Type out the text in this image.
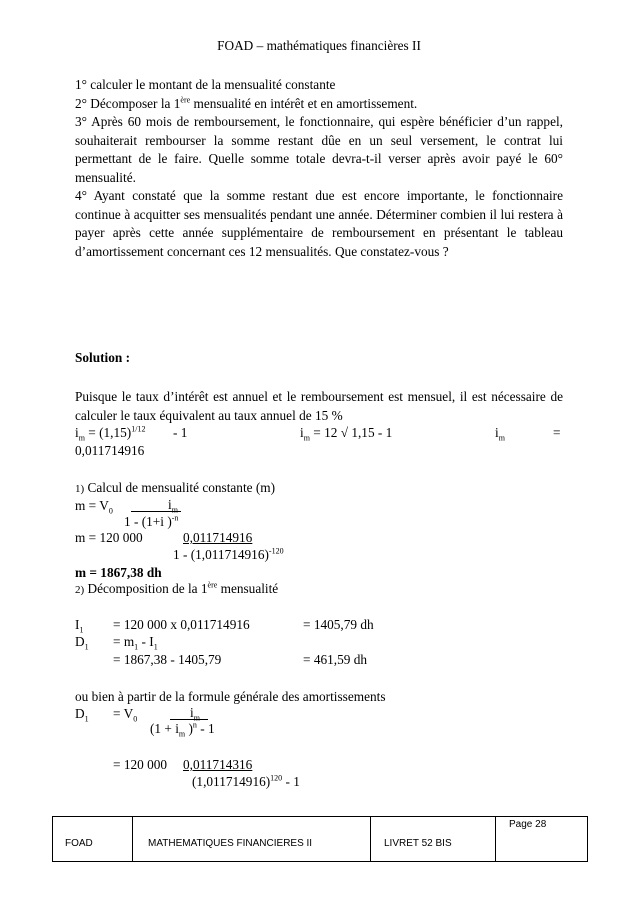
FOAD – mathématiques financières II
1° calculer le montant de la mensualité constante
2° Décomposer la 1ère mensualité en intérêt et en amortissement.
3° Après 60 mois de remboursement, le fonctionnaire, qui espère bénéficier d’un rappel, souhaiterait rembourser la somme restant dûe en un seul versement, le contrat lui permettant de le faire. Quelle somme totale devra-t-il verser après avoir payé le 60° mensualité.
4° Ayant constaté que la somme restant due est encore importante, le fonctionnaire continue à acquitter ses mensualités pendant une année. Déterminer combien il lui restera à payer après cette année supplémentaire de remboursement en présentant le tableau d’amortissement concernant ces 12 mensualités. Que constatez-vous ?
Solution :
Puisque le taux d’intérêt est annuel et le remboursement est mensuel, il est nécessaire de calculer le taux équivalent au taux annuel de 15 %
$i_m = (1,15)^{1/12} - 1$	$i_m = 12$ √ 1,15 - 1	$i_m$	=
0,011714916
1) Calcul de mensualité constante (m)
$m = V_0$	$i_m$
1 - (1+i )$^{-n}$
m = 120 000	0,011714916
$1 - (1,011714916)^{-120}$
m = 1867,38 dh
2) Décomposition de la 1ère mensualité
$I_1 = 120$ 000 x 0,011714916	= 1405,79 dh
$D_1 = m_1 - I_1$
= 1867,38 - 1405,79	= 461,59 dh
ou bien à partir de la formule générale des amortissements
$D_1 = V_0$	$i_m$
($1 + i_m$ )$^n$ - 1
= 120 000 0,011714316
$(1,011714916)^{120} - 1$
FOAD	MATHEMATIQUES FINANCIERES II	LIVRET 52 BIS
Page 28
